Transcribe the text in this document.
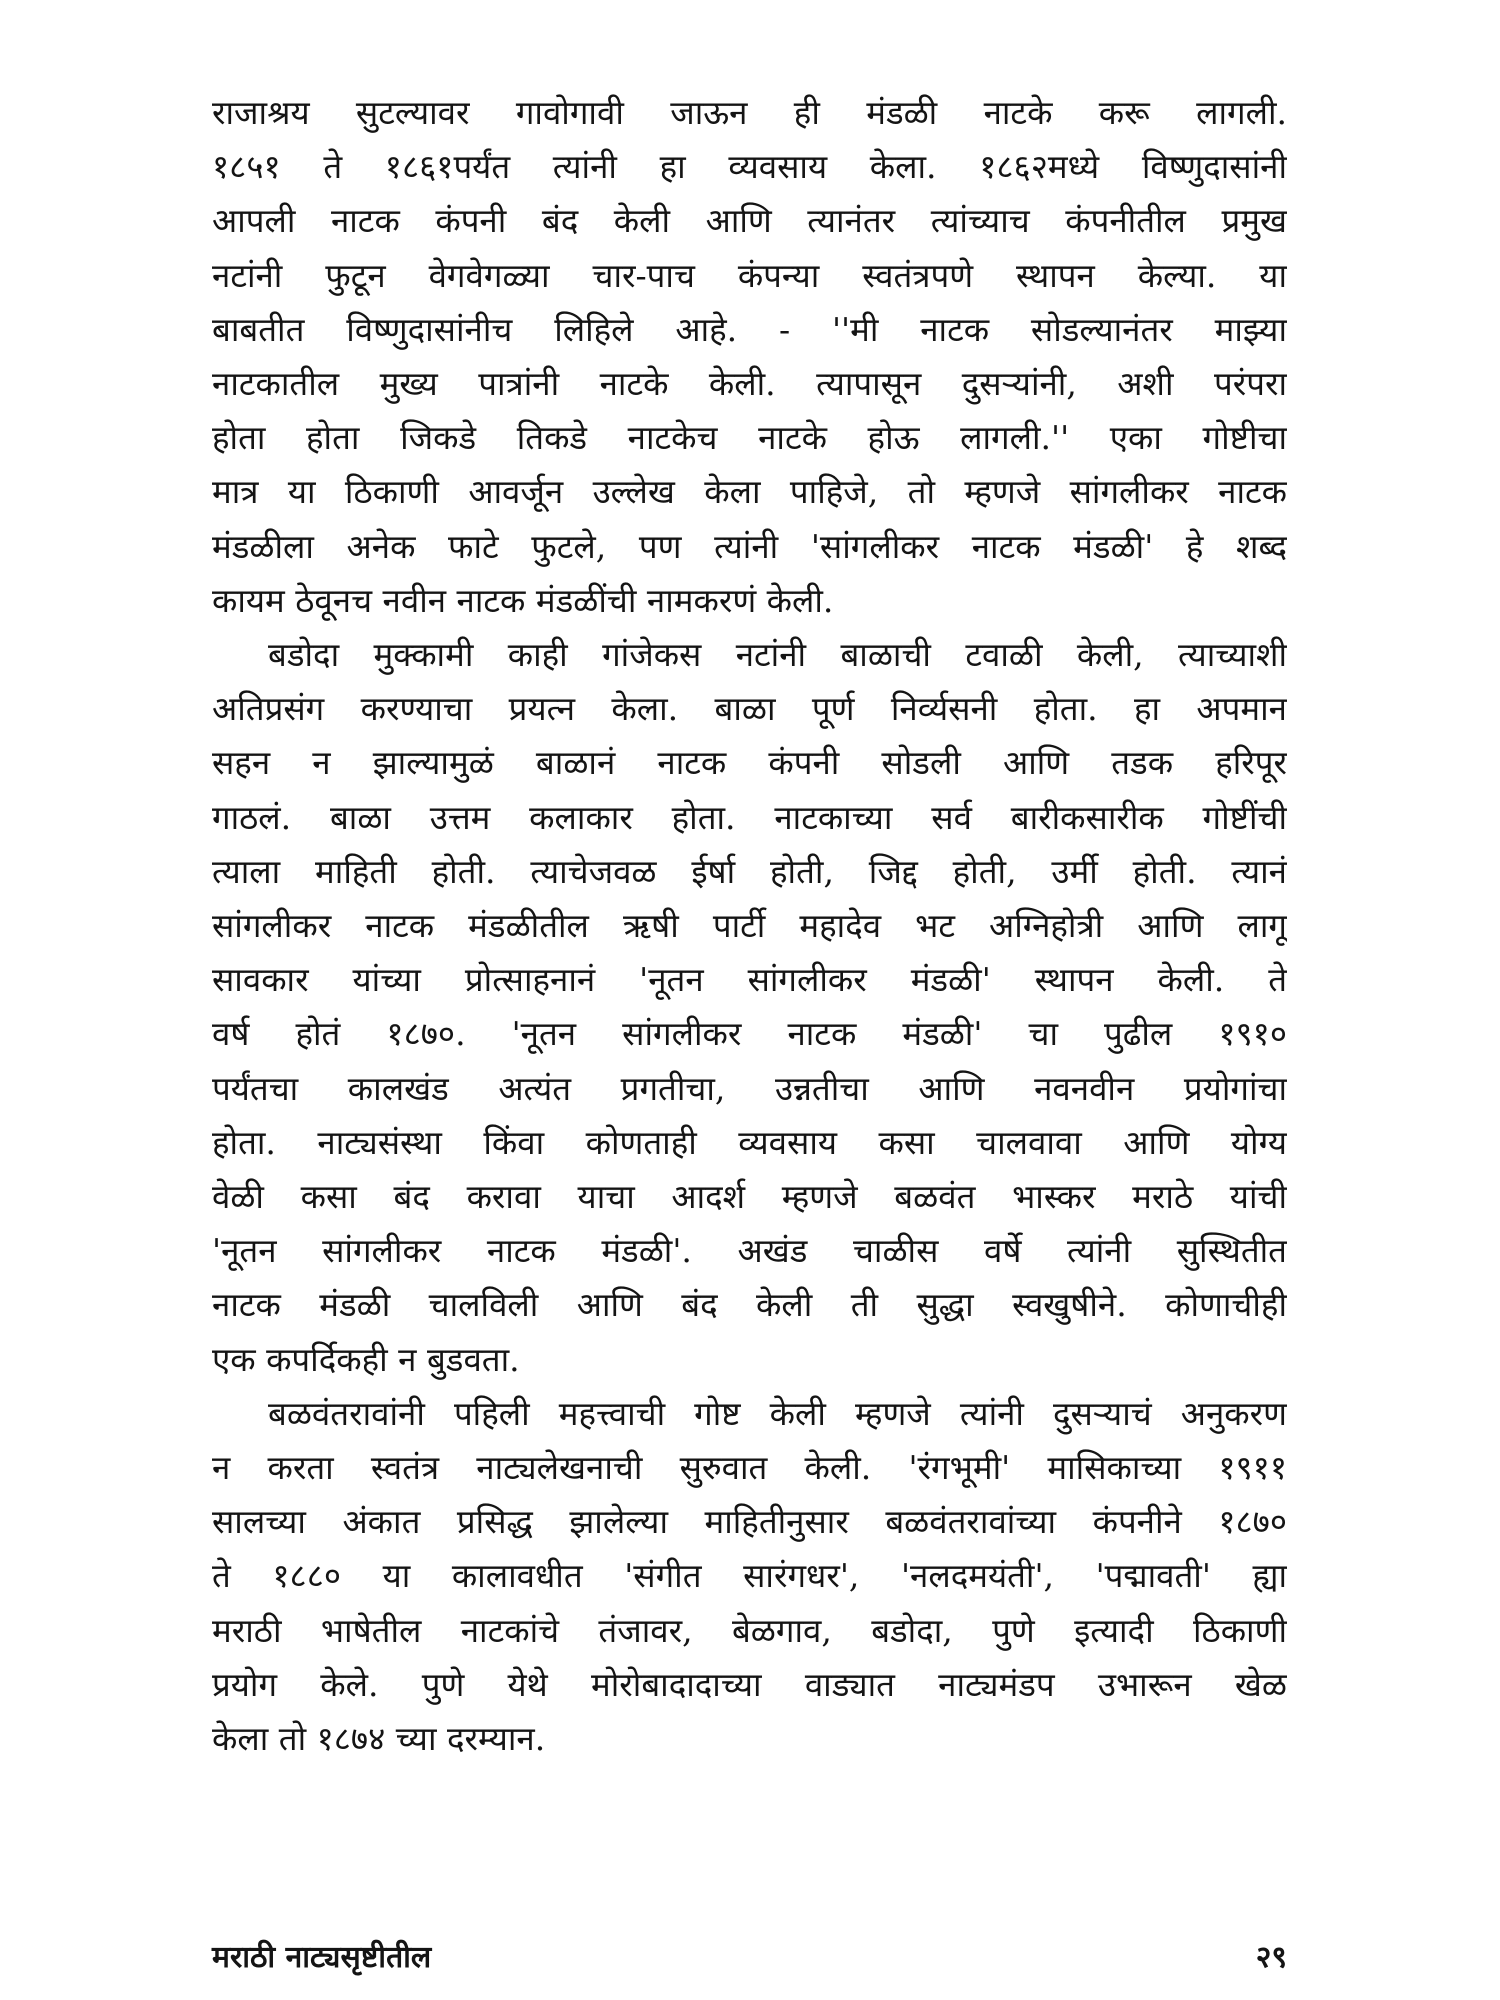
राजाश्रय सुटल्यावर गावोगावी जाऊन ही मंडळी नाटके करू लागली.
१८५१ ते १८६१पर्यंत त्यांनी हा व्यवसाय केला. १८६२मध्ये विष्णुदासांनी
आपली नाटक कंपनी बंद केली आणि त्यानंतर त्यांच्याच कंपनीतील प्रमुख
नटांनी फुटून वेगवेगळ्या चार-पाच कंपन्या स्वतंत्रपणे स्थापन केल्या. या
बाबतीत विष्णुदासांनीच लिहिले आहे. - ''मी नाटक सोडल्यानंतर माझ्या
नाटकातील मुख्य पात्रांनी नाटके केली. त्यापासून दुसऱ्यांनी, अशी परंपरा
होता होता जिकडे तिकडे नाटकेच नाटके होऊ लागली.'' एका गोष्टीचा
मात्र या ठिकाणी आवर्जून उल्लेख केला पाहिजे, तो म्हणजे सांगलीकर नाटक
मंडळीला अनेक फाटे फुटले, पण त्यांनी 'सांगलीकर नाटक मंडळी' हे शब्द
कायम ठेवूनच नवीन नाटक मंडळींची नामकरणं केली.

बडोदा मुक्कामी काही गांजेकस नटांनी बाळाची टवाळी केली, त्याच्याशी
अतिप्रसंग करण्याचा प्रयत्न केला. बाळा पूर्ण निर्व्यसनी होता. हा अपमान
सहन न झाल्यामुळं बाळानं नाटक कंपनी सोडली आणि तडक हरिपूर
गाठलं. बाळा उत्तम कलाकार होता. नाटकाच्या सर्व बारीकसारीक गोष्टींची
त्याला माहिती होती. त्याचेजवळ ईर्षा होती, जिद्द होती, उर्मी होती. त्यानं
सांगलीकर नाटक मंडळीतील ऋषी पार्टी महादेव भट अग्निहोत्री आणि लागू
सावकार यांच्या प्रोत्साहनानं 'नूतन सांगलीकर मंडळी' स्थापन केली. ते
वर्ष होतं १८७०. 'नूतन सांगलीकर नाटक मंडळी' चा पुढील १९१०
पर्यंतचा कालखंड अत्यंत प्रगतीचा, उन्नतीचा आणि नवनवीन प्रयोगांचा
होता. नाट्यसंस्था किंवा कोणताही व्यवसाय कसा चालवावा आणि योग्य
वेळी कसा बंद करावा याचा आदर्श म्हणजे बळवंत भास्कर मराठे यांची
'नूतन सांगलीकर नाटक मंडळी'. अखंड चाळीस वर्षे त्यांनी सुस्थितीत
नाटक मंडळी चालविली आणि बंद केली ती सुद्धा स्वखुषीने. कोणाचीही
एक कपर्दिकही न बुडवता.

बळवंतरावांनी पहिली महत्त्वाची गोष्ट केली म्हणजे त्यांनी दुसऱ्याचं अनुकरण
न करता स्वतंत्र नाट्यलेखनाची सुरुवात केली. 'रंगभूमी' मासिकाच्या १९११
सालच्या अंकात प्रसिद्ध झालेल्या माहितीनुसार बळवंतरावांच्या कंपनीने १८७०
ते १८८० या कालावधीत 'संगीत सारंगधर', 'नलदमयंती', 'पद्मावती' ह्या
मराठी भाषेतील नाटकांचे तंजावर, बेळगाव, बडोदा, पुणे इत्यादी ठिकाणी
प्रयोग केले. पुणे येथे मोरोबादादाच्या वाड्यात नाट्यमंडप उभारून खेळ
केला तो १८७४ च्या दरम्यान.

मराठी नाट्यसृष्टीतील	२९
